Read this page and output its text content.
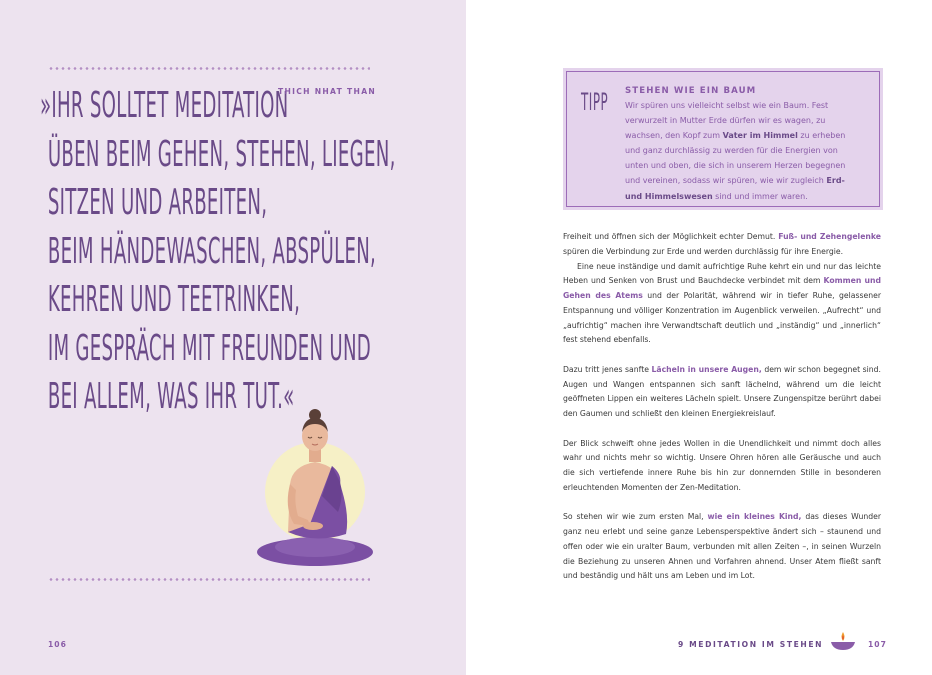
»IHR SOLLTET MEDITATION
ÜBEN BEIM GEHEN, STEHEN, LIEGEN,
SITZEN UND ARBEITEN,
BEIM HÄNDEWASCHEN, ABSPÜLEN,
KEHREN UND TEETRINKEN,
IM GESPRÄCH MIT FREUNDEN UND
BEI ALLEM, WAS IHR TUT.«
THICH NHAT THAN
106
TIPP STEHEN WIE EIN BAUM
Wir spüren uns vielleicht selbst wie ein Baum. Fest verwurzelt in Mutter Erde dürfen wir es wagen, zu wachsen, den Kopf zum Vater im Himmel zu erheben und ganz durchlässig zu werden für die Energien von unten und oben, die sich in unserem Herzen begegnen und vereinen, sodass wir spüren, wie wir zugleich Erd- und Himmelswesen sind und immer waren.

Freiheit und öffnen sich der Möglichkeit echter Demut. Fuß- und Zehengelenke spüren die Verbindung zur Erde und werden durchlässig für ihre Energie.

Eine neue inständige und damit aufrichtige Ruhe kehrt ein und nur das leichte Heben und Senken von Brust und Bauchdecke verbindet mit dem Kommen und Gehen des Atems und der Polarität, während wir in tiefer Ruhe, gelassener Entspannung und völliger Konzentration im Augenblick verweilen. „Aufrecht“ und „aufrichtig“ machen ihre Verwandtschaft deutlich und „inständig“ und „innerlich“ fest stehend ebenfalls.

Dazu tritt jenes sanfte Lächeln in unsere Augen, dem wir schon begegnet sind. Augen und Wangen entspannen sich sanft lächelnd, während um die leicht geöffneten Lippen ein weiteres Lächeln spielt. Unsere Zungenspitze berührt dabei den Gaumen und schließt den kleinen Energiekreislauf.

Der Blick schweift ohne jedes Wollen in die Unendlichkeit und nimmt doch alles wahr und nichts mehr so wichtig. Unsere Ohren hören alle Geräusche und auch die sich vertiefende innere Ruhe bis hin zur donnernden Stille in besonderen erleuchtenden Momenten der Zen-Meditation.

So stehen wir wie zum ersten Mal, wie ein kleines Kind, das dieses Wunder ganz neu erlebt und seine ganze Lebensperspektive ändert sich – staunend und offen oder wie ein uralter Baum, verbunden mit allen Zeiten –, in seinen Wurzeln die Beziehung zu unseren Ahnen und Vorfahren ahnend. Unser Atem fließt sanft und beständig und hält uns am Leben und im Lot.

9 MEDITATION IM STEHEN	107
